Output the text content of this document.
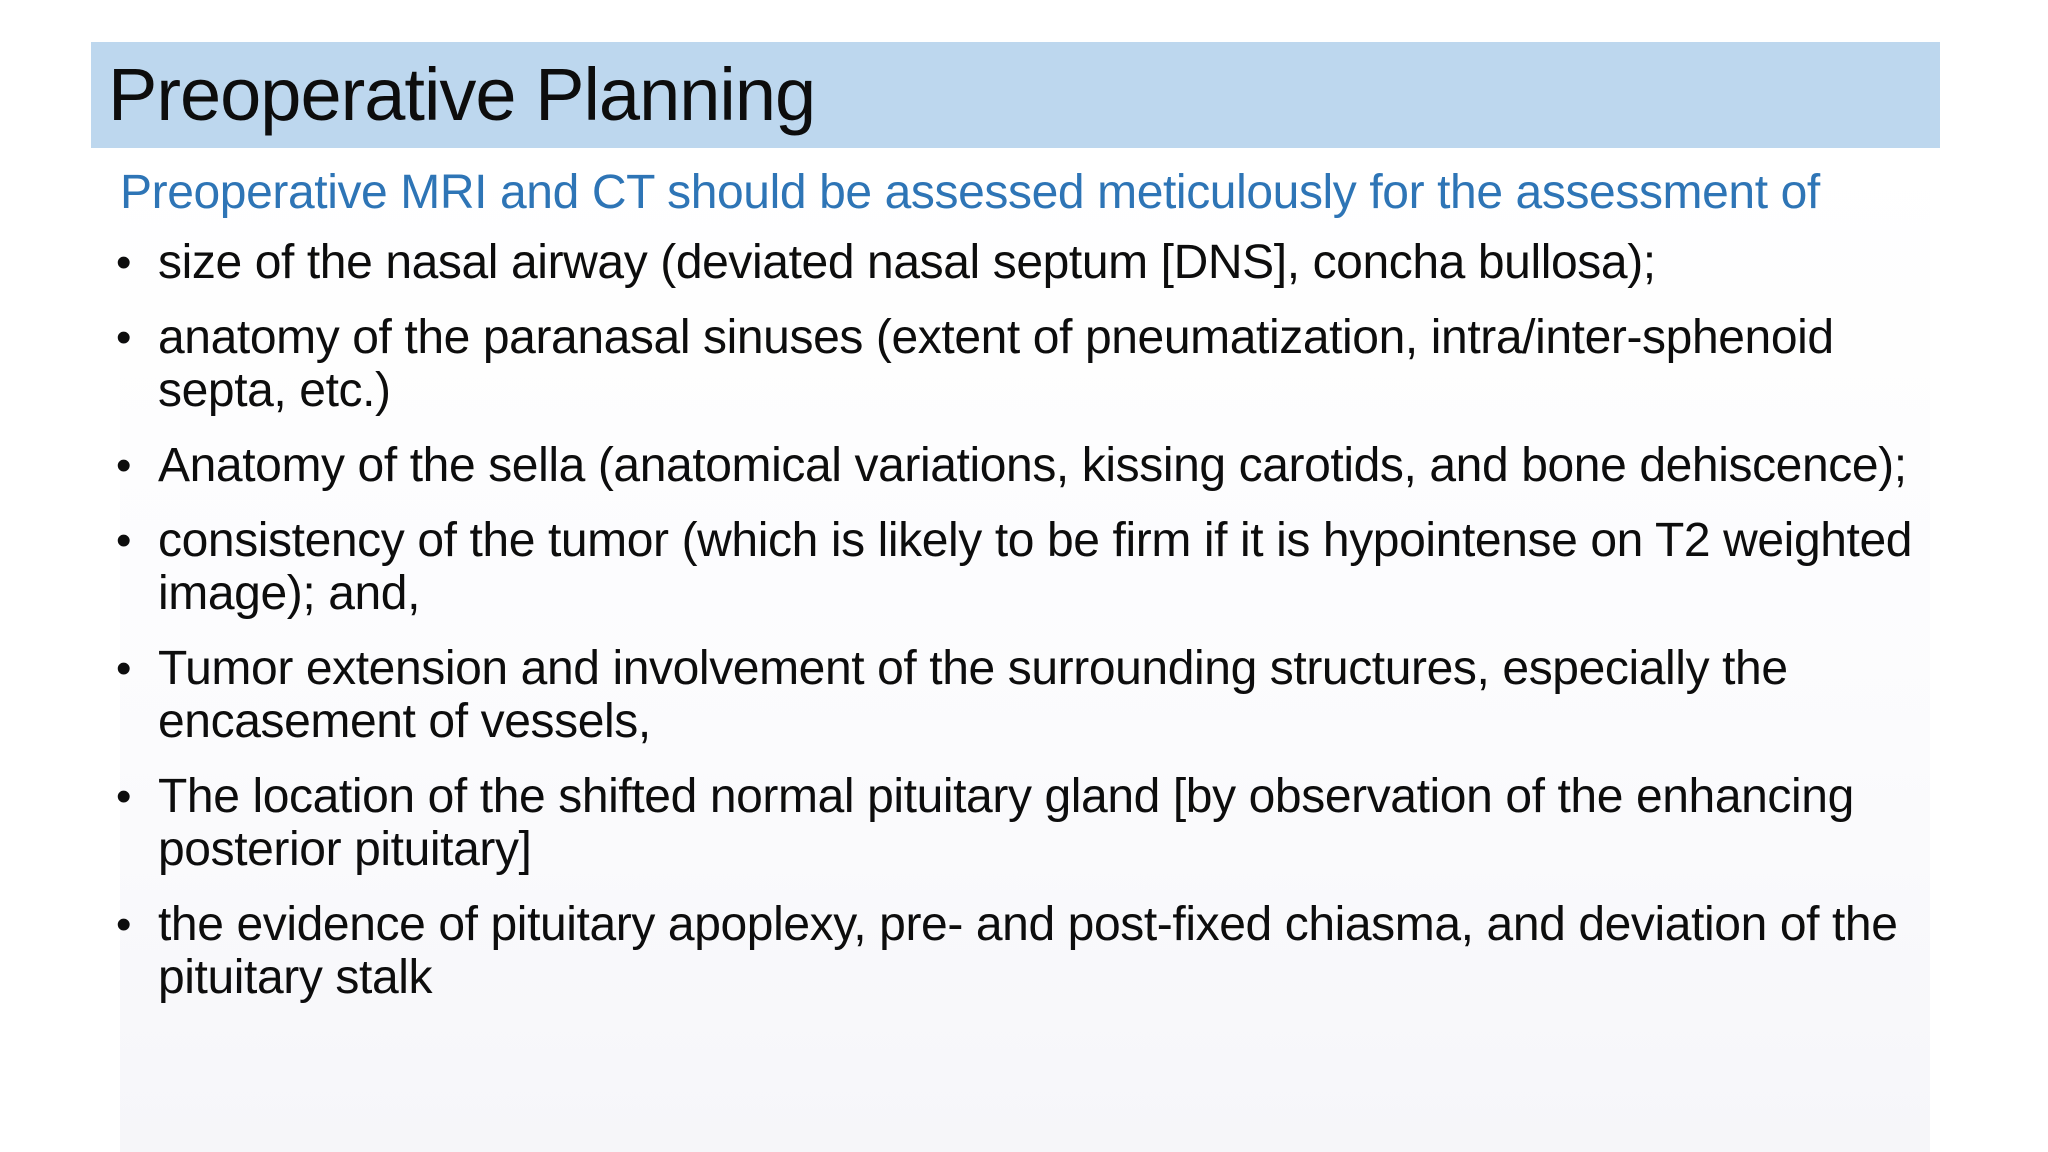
Preoperative Planning
Preoperative MRI and CT should be assessed meticulously for the assessment of
• size of the nasal airway (deviated nasal septum [DNS], concha bullosa);
• anatomy of the paranasal sinuses (extent of pneumatization, intra/inter-sphenoid septa, etc.)
• Anatomy of the sella (anatomical variations, kissing carotids, and bone dehiscence);
• consistency of the tumor (which is likely to be firm if it is hypointense on T2 weighted image); and,
• Tumor extension and involvement of the surrounding structures, especially the encasement of vessels,
• The location of the shifted normal pituitary gland [by observation of the enhancing posterior pituitary]
• the evidence of pituitary apoplexy, pre- and post-fixed chiasma, and deviation of the pituitary stalk
